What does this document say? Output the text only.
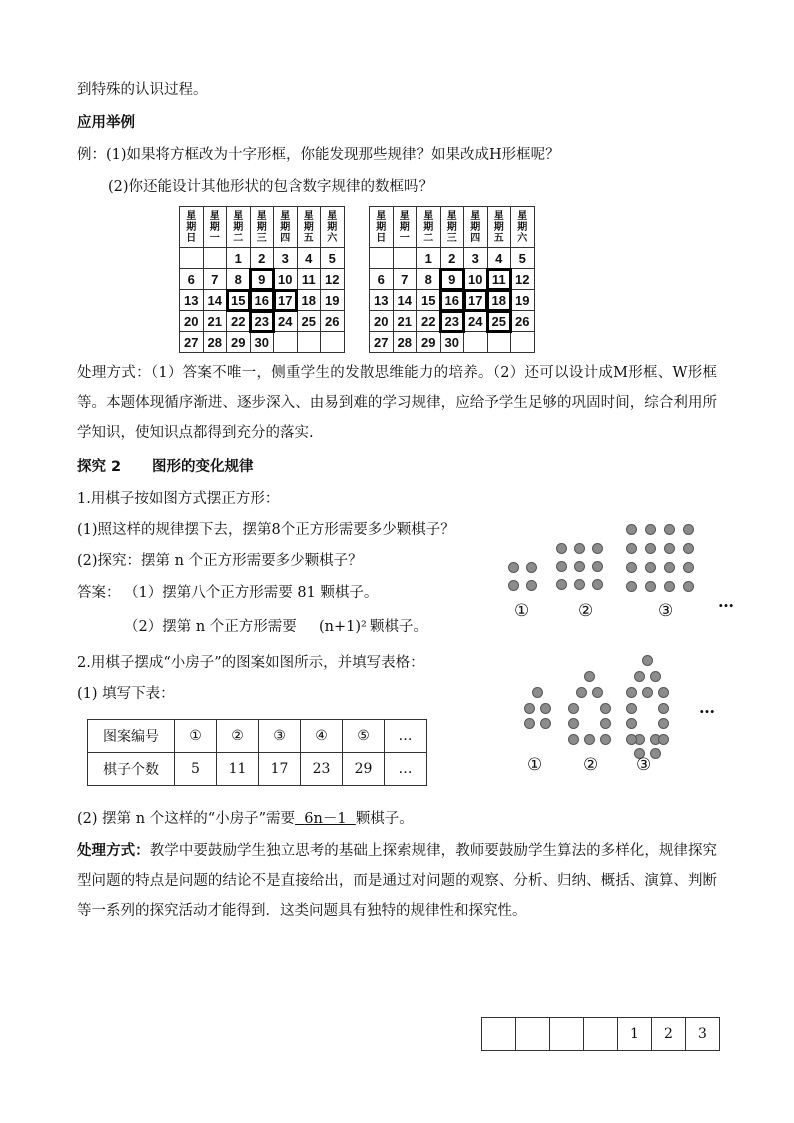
到特殊的认识过程。
应用举例
例：(1)如果将方框改为十字形框，你能发现那些规律？如果改成H形框呢？
(2)你还能设计其他形状的包含数字规律的数框吗？
星
期
日	星
期
一	星
期
二	星
期
三	星
期
四	星
期
五	星
期
六
		1	2	3	4	5
6	7	8	9	10	11	12
13	14	15	16	17	18	19
20	21	22	23	24	25	26
27	28	29	30			
星
期
日	星
期
一	星
期
二	星
期
三	星
期
四	星
期
五	星
期
六
		1	2	3	4	5
6	7	8	9	10	11	12
13	14	15	16	17	18	19
20	21	22	23	24	25	26
27	28	29	30			
处理方式：（1）答案不唯一，侧重学生的发散思维能力的培养。（2）还可以设计成M形框、W形框等。本题体现循序渐进、逐步深入、由易到难的学习规律，应给予学生足够的巩固时间，综合利用所学知识，使知识点都得到充分的落实.
探究 2 图形的变化规律
1.用棋子按如图方式摆正方形：
(1)照这样的规律摆下去，摆第8个正方形需要多少颗棋子？
(2)探究：摆第 n 个正方形需要多少颗棋子？
答案： （1）摆第八个正方形需要 81 颗棋子。
（2）摆第 n 个正方形需要 (n+1)² 颗棋子。
①	②	③	…
2.用棋子摆成“小房子”的图案如图所示，并填写表格：
(1) 填写下表：
图案编号	①	②	③	④	⑤	…
棋子个数	5	11	17	23	29	…	① ② ③
…
(2) 摆第 n 个这样的“小房子”需要 6n－1 颗棋子。
处理方式：教学中要鼓励学生独立思考的基础上探索规律，教师要鼓励学生算法的多样化，规律探究型问题的特点是问题的结论不是直接给出，而是通过对问题的观察、分析、归纳、概括、演算、判断等一系列的探究活动才能得到．这类问题具有独特的规律性和探究性。
				1	2	3
